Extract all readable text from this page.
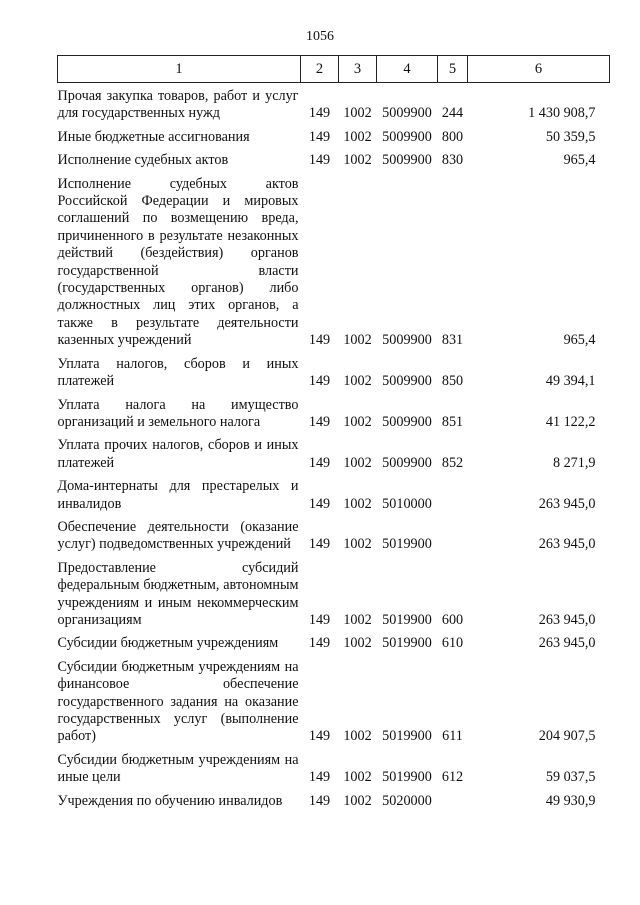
1056
1	2	3	4	5	6
Прочая закупка товаров, работ и услуг для государственных нужд	149	1002	5009900	244	1 430 908,7
Иные бюджетные ассигнования	149	1002	5009900	800	50 359,5
Исполнение судебных актов	149	1002	5009900	830	965,4
Исполнение судебных актов Российской Федерации и мировых соглашений по возмещению вреда, причиненного в результате незаконных действий (бездействия) органов государственной власти (государственных органов) либо должностных лиц этих органов, а также в результате деятельности казенных учреждений	149	1002	5009900	831	965,4
Уплата налогов, сборов и иных платежей	149	1002	5009900	850	49 394,1
Уплата налога на имущество организаций и земельного налога	149	1002	5009900	851	41 122,2
Уплата прочих налогов, сборов и иных платежей	149	1002	5009900	852	8 271,9
Дома-интернаты для престарелых и инвалидов	149	1002	5010000		263 945,0
Обеспечение деятельности (оказание услуг) подведомственных учреждений	149	1002	5019900		263 945,0
Предоставление субсидий федеральным бюджетным, автономным учреждениям и иным некоммерческим организациям	149	1002	5019900	600	263 945,0
Субсидии бюджетным учреждениям	149	1002	5019900	610	263 945,0
Субсидии бюджетным учреждениям на финансовое обеспечение государственного задания на оказание государственных услуг (выполнение работ)	149	1002	5019900	611	204 907,5
Субсидии бюджетным учреждениям на иные цели	149	1002	5019900	612	59 037,5
Учреждения по обучению инвалидов	149	1002	5020000		49 930,9
